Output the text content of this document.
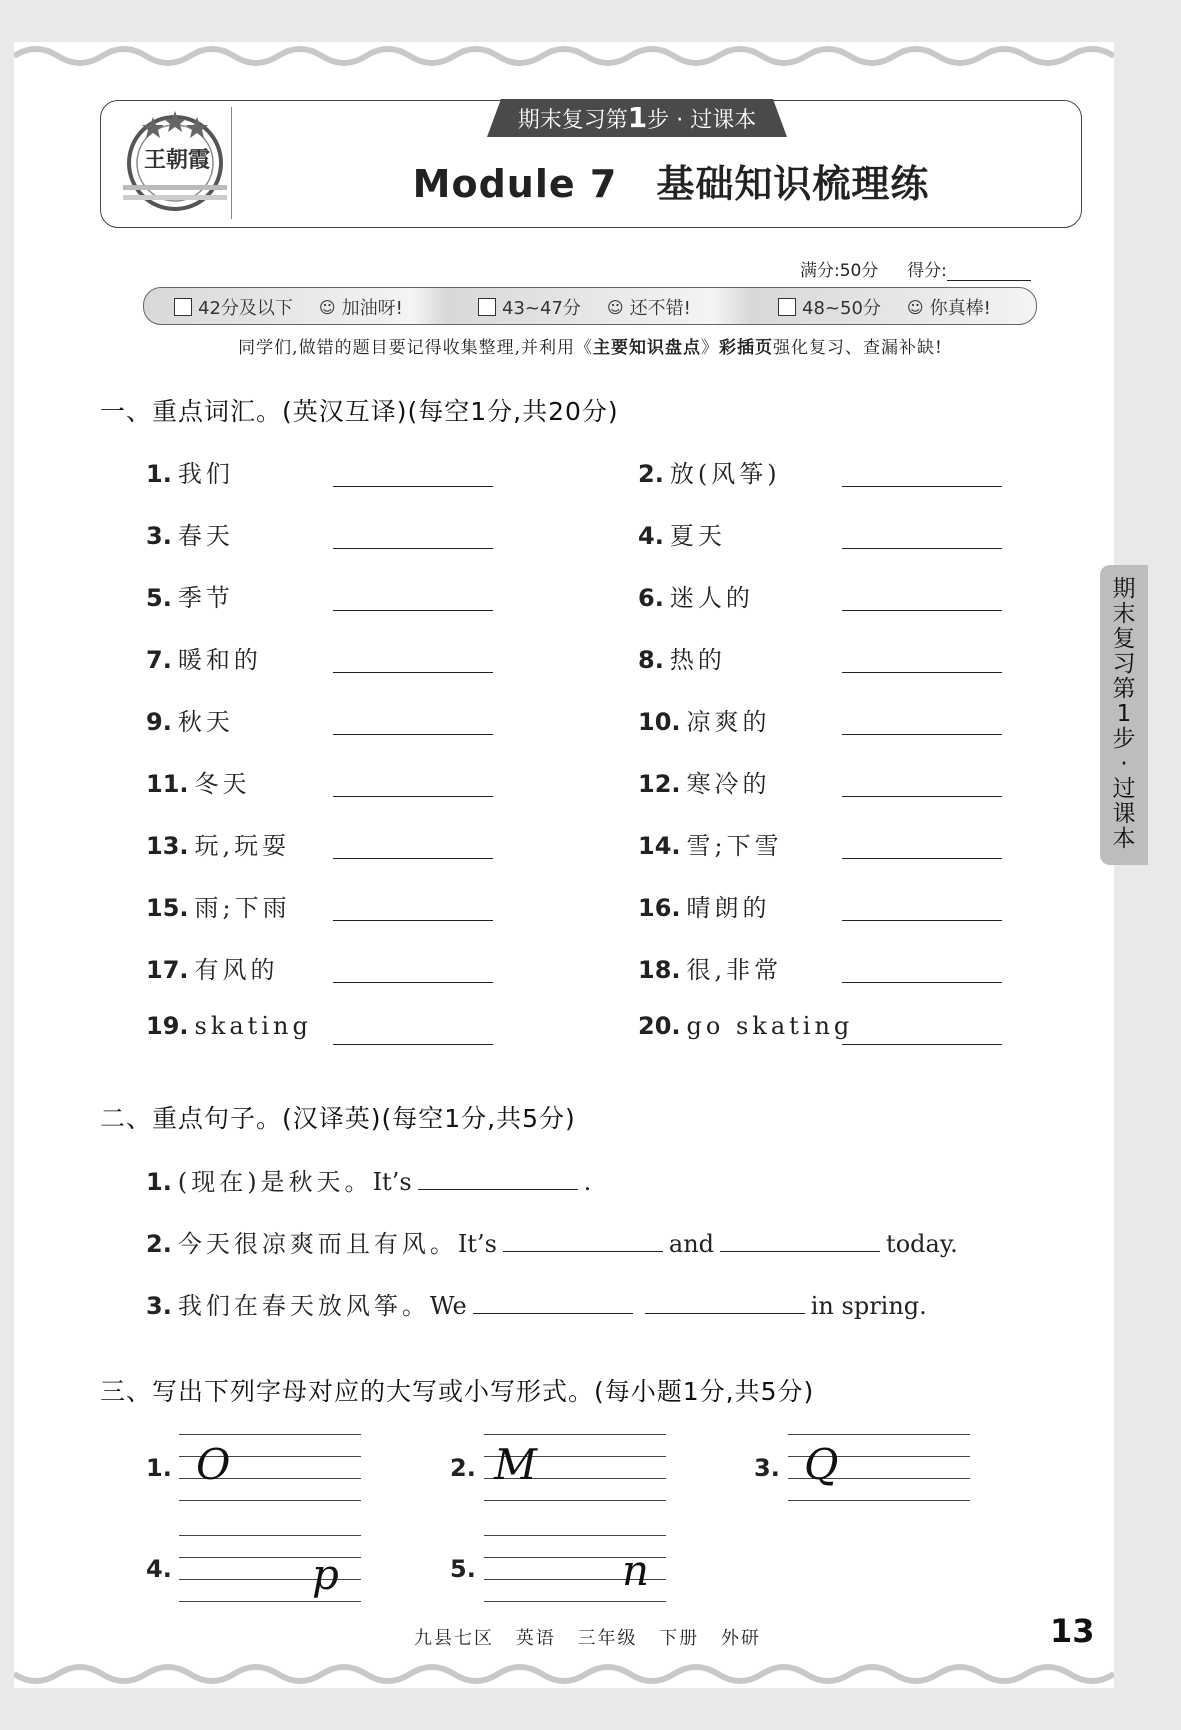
王朝霞
期末复习第1步 · 过课本
Module 7　基础知识梳理练
满分:50分 得分:
42分及以下 ☺ 加油呀!	43~47分 ☺ 还不错!	48~50分 ☺ 你真棒!
同学们,做错的题目要记得收集整理,并利用《主要知识盘点》彩插页强化复习、查漏补缺!
一、重点词汇。(英汉互译)(每空1分,共20分)
1. 我们	2. 放(风筝)
3. 春天	4. 夏天
5. 季节	6. 迷人的
7. 暖和的	8. 热的
9. 秋天	10. 凉爽的
11. 冬天	12. 寒冷的
13. 玩,玩耍	14. 雪;下雪
15. 雨;下雨	16. 晴朗的
17. 有风的	18. 很,非常
19. skating	20. go skating
二、重点句子。(汉译英)(每空1分,共5分)
1. (现在)是秋天。It’s	.
2. 今天很凉爽而且有风。It’s	and	today.
3. 我们在春天放风筝。We	in spring.
三、写出下列字母对应的大写或小写形式。(每小题1分,共5分)
1. O	2. M	3. Q
4.	p	5.	n
期末复习第1步·过课本
九县七区 英语 三年级 下册 外研	13
